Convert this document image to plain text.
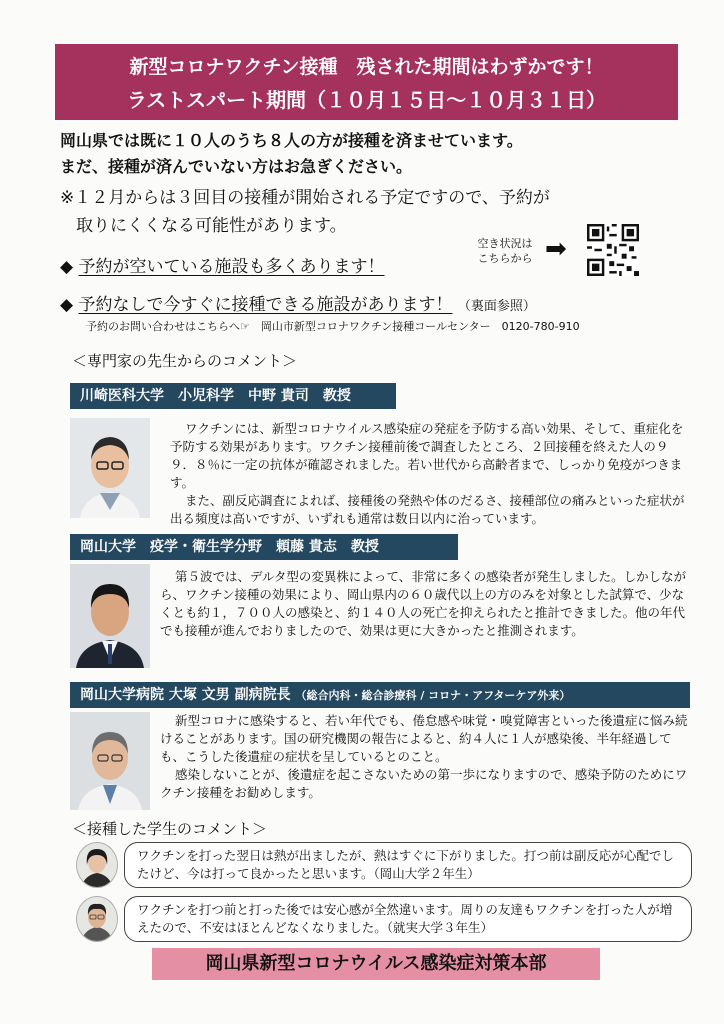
新型コロナワクチン接種　残された期間はわずかです！
ラストスパート期間（１０月１５日～１０月３１日）
岡山県では既に１０人のうち８人の方が接種を済ませています。
まだ、接種が済んでいない方はお急ぎください。
※１２月からは３回目の接種が開始される予定ですので、予約が
取りにくくなる可能性があります。
◆ 予約が空いている施設も多くあります！
◆ 予約なしで今すぐに接種できる施設があります！ （裏面参照）
空き状況は
こちらから ➡
予約のお問い合わせはこちらへ☞　岡山市新型コロナワクチン接種コールセンター　0120-780-910
＜専門家の先生からのコメント＞
川崎医科大学　小児科学　中野 貴司　教授

ワクチンには、新型コロナウイルス感染症の発症を予防する高い効果、そして、重症化を予防する効果があります。ワクチン接種前後で調査したところ、２回接種を終えた人の９９．８％に一定の抗体が確認されました。若い世代から高齢者まで、しっかり免疫がつきます。

また、副反応調査によれば、接種後の発熱や体のだるさ、接種部位の痛みといった症状が出る頻度は高いですが、いずれも通常は数日以内に治っています。

岡山大学　疫学・衛生学分野　頼藤 貴志　教授

第５波では、デルタ型の変異株によって、非常に多くの感染者が発生しました。しかしながら、ワクチン接種の効果により、岡山県内の６０歳代以上の方のみを対象とした試算で、少なくとも約１，７００人の感染と、約１４０人の死亡を抑えられたと推計できました。他の年代でも接種が進んでおりましたので、効果は更に大きかったと推測されます。

岡山大学病院 大塚 文男 副病院長 （総合内科・総合診療科 / コロナ・アフターケア外来）

新型コロナに感染すると、若い年代でも、倦怠感や味覚・嗅覚障害といった後遺症に悩み続けることがあります。国の研究機関の報告によると、約４人に１人が感染後、半年経過しても、こうした後遺症の症状を呈しているとのこと。

感染しないことが、後遺症を起こさないための第一歩になりますので、感染予防のためにワクチン接種をお勧めします。

＜接種した学生のコメント＞
ワクチンを打った翌日は熱が出ましたが、熱はすぐに下がりました。打つ前は副反応が心配でしたけど、今は打って良かったと思います。（岡山大学２年生）
ワクチンを打つ前と打った後では安心感が全然違います。周りの友達もワクチンを打った人が増えたので、不安はほとんどなくなりました。（就実大学３年生）
岡山県新型コロナウイルス感染症対策本部
